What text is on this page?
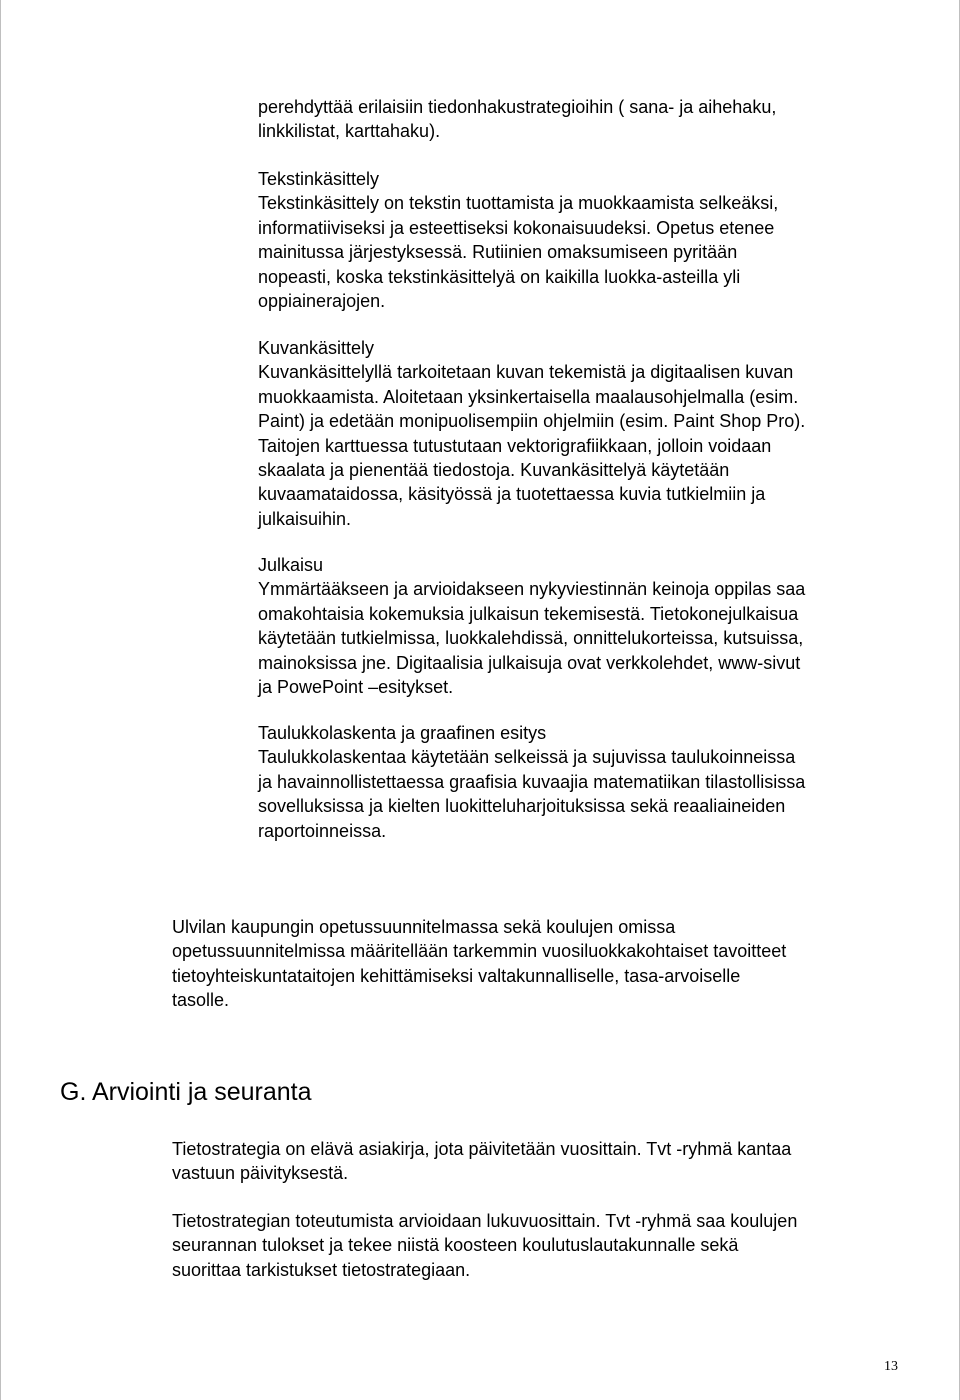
perehdyttää erilaisiin tiedonhakustrategioihin ( sana- ja aihehaku,
linkkilistat, karttahaku).
Tekstinkäsittely
Tekstinkäsittely on tekstin tuottamista ja muokkaamista selkeäksi,
informatiiviseksi ja esteettiseksi kokonaisuudeksi. Opetus etenee
mainitussa järjestyksessä. Rutiinien omaksumiseen pyritään
nopeasti, koska tekstinkäsittelyä on kaikilla luokka-asteilla yli
oppiainerajojen.
Kuvankäsittely
Kuvankäsittelyllä tarkoitetaan kuvan tekemistä ja digitaalisen kuvan
muokkaamista. Aloitetaan yksinkertaisella maalausohjelmalla (esim.
Paint) ja edetään monipuolisempiin ohjelmiin (esim. Paint Shop Pro).
Taitojen karttuessa tutustutaan vektorigrafiikkaan, jolloin voidaan
skaalata ja pienentää tiedostoja. Kuvankäsittelyä käytetään
kuvaamataidossa, käsityössä ja tuotettaessa kuvia tutkielmiin ja
julkaisuihin.
Julkaisu
Ymmärtääkseen ja arvioidakseen nykyviestinnän keinoja oppilas saa
omakohtaisia kokemuksia julkaisun tekemisestä. Tietokonejulkaisua
käytetään tutkielmissa, luokkalehdissä, onnittelukorteissa, kutsuissa,
mainoksissa jne. Digitaalisia julkaisuja ovat verkkolehdet, www-sivut
ja PowePoint –esitykset.
Taulukkolaskenta ja graafinen esitys
Taulukkolaskentaa käytetään selkeissä ja sujuvissa taulukoinneissa
ja havainnollistettaessa graafisia kuvaajia matematiikan tilastollisissa
sovelluksissa ja kielten luokitteluharjoituksissa sekä reaaliaineiden
raportoinneissa.
Ulvilan kaupungin opetussuunnitelmassa sekä koulujen omissa
opetussuunnitelmissa määritellään tarkemmin vuosiluokkakohtaiset tavoitteet
tietoyhteiskuntataitojen kehittämiseksi valtakunnalliselle, tasa-arvoiselle
tasolle.
G. Arviointi ja seuranta
Tietostrategia on elävä asiakirja, jota päivitetään vuosittain. Tvt -ryhmä kantaa
vastuun päivityksestä.
Tietostrategian toteutumista arvioidaan lukuvuosittain. Tvt -ryhmä saa koulujen
seurannan tulokset ja tekee niistä koosteen koulutuslautakunnalle sekä
suorittaa tarkistukset tietostrategiaan.
13
